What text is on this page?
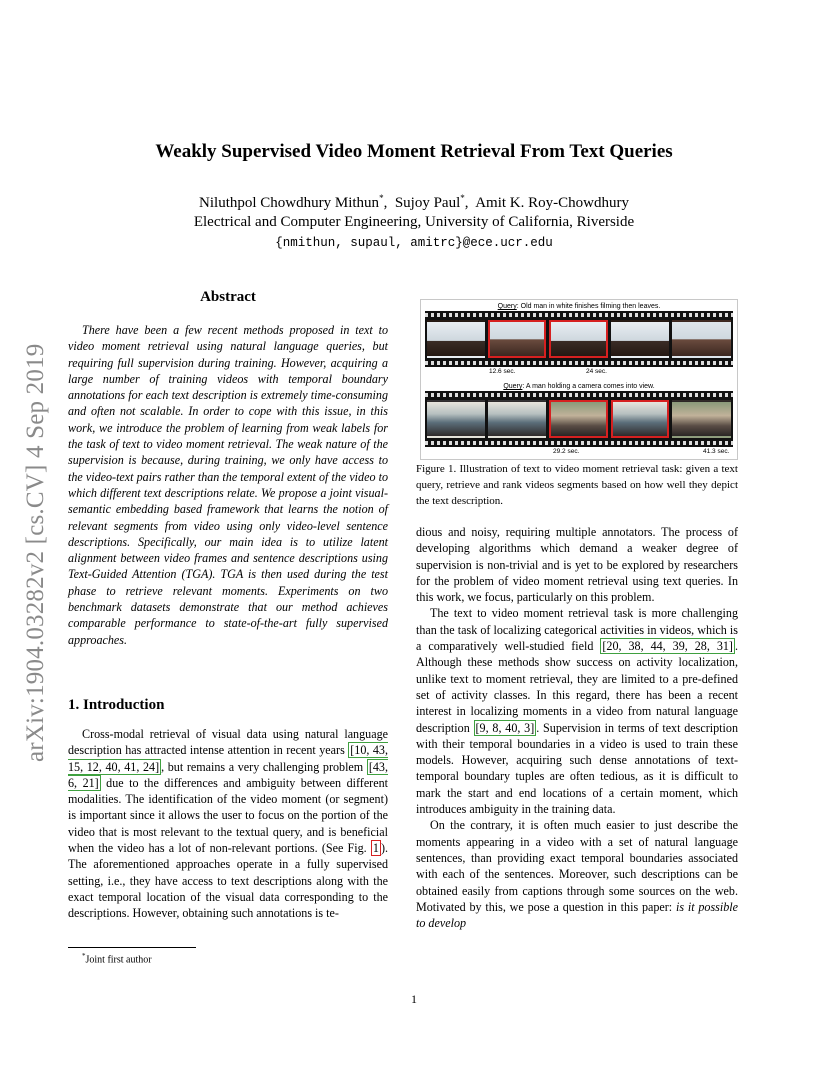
arXiv:1904.03282v2 [cs.CV] 4 Sep 2019
Weakly Supervised Video Moment Retrieval From Text Queries
Niluthpol Chowdhury Mithun*,  Sujoy Paul*,  Amit K. Roy-Chowdhury
Electrical and Computer Engineering, University of California, Riverside
{nmithun, supaul, amitrc}@ece.ucr.edu
Abstract
There have been a few recent methods proposed in text to video moment retrieval using natural language queries, but requiring full supervision during training. However, acquiring a large number of training videos with temporal boundary annotations for each text description is extremely time-consuming and often not scalable. In order to cope with this issue, in this work, we introduce the problem of learning from weak labels for the task of text to video moment retrieval. The weak nature of the supervision is because, during training, we only have access to the video-text pairs rather than the temporal extent of the video to which different text descriptions relate. We propose a joint visual-semantic embedding based framework that learns the notion of relevant segments from video using only video-level sentence descriptions. Specifically, our main idea is to utilize latent alignment between video frames and sentence descriptions using Text-Guided Attention (TGA). TGA is then used during the test phase to retrieve relevant moments. Experiments on two benchmark datasets demonstrate that our method achieves comparable performance to state-of-the-art fully supervised approaches.
1. Introduction
Cross-modal retrieval of visual data using natural language description has attracted intense attention in recent years [10, 43, 15, 12, 40, 41, 24] , but remains a very challenging problem [43, 6, 21] due to the differences and ambiguity between different modalities. The identification of the video moment (or segment) is important since it allows the user to focus on the portion of the video that is most relevant to the textual query, and is beneficial when the video has a lot of non-relevant portions. (See Fig. 1 ). The aforementioned approaches operate in a fully supervised setting, i.e., they have access to text descriptions along with the exact temporal location of the visual data corresponding to the descriptions. However, obtaining such annotations is te-
*Joint first author
Query: Old man in white finishes filming then leaves.
12.6 sec.	24 sec.
Query: A man holding a camera comes into view.
29.2 sec.	41.3 sec.
Figure 1. Illustration of text to video moment retrieval task: given a text query, retrieve and rank videos segments based on how well they depict the text description.

dious and noisy, requiring multiple annotators. The process of developing algorithms which demand a weaker degree of supervision is non-trivial and is yet to be explored by researchers for the problem of video moment retrieval using text queries. In this work, we focus, particularly on this problem.

The text to video moment retrieval task is more challenging than the task of localizing categorical activities in videos, which is a comparatively well-studied field [20, 38, 44, 39, 28, 31] . Although these methods show success on activity localization, unlike text to moment retrieval, they are limited to a pre-defined set of activity classes. In this regard, there has been a recent interest in localizing moments in a video from natural language description [9, 8, 40, 3] . Supervision in terms of text description with their temporal boundaries in a video is used to train these models. However, acquiring such dense annotations of text-temporal boundary tuples are often tedious, as it is difficult to mark the start and end locations of a certain moment, which introduces ambiguity in the training data.

On the contrary, it is often much easier to just describe the moments appearing in a video with a set of natural language sentences, than providing exact temporal boundaries associated with each of the sentences. Moreover, such descriptions can be obtained easily from captions through some sources on the web. Motivated by this, we pose a question in this paper: is it possible to develop

1
